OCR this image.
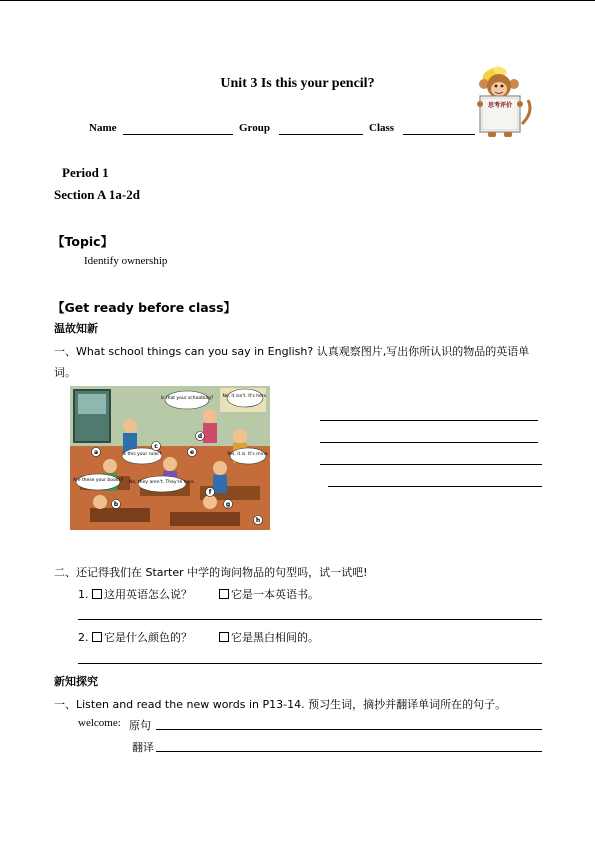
Unit 3 Is this your pencil?
Name	Group	Class
思考评价
Period 1
Section A 1a-2d
【Topic】
Identify ownership
【Get ready before class】
温故知新
一、What school things can you say in English? 认真观察图片,写出你所认识的物品的英语单
词。
Is that your schoolbag? No, it isn't. It's hers.
Is this your ruler?	Yes, it is. It's mine.
Are these your books? No, they aren't. They're hers.
a
b
c
d
e
f
g
h
二、还记得我们在 Starter 中学的询问物品的句型吗，试一试吧!
1. 这用英语怎么说？	它是一本英语书。
2. 它是什么颜色的？	它是黑白相间的。
新知探究
一、Listen and read the new words in P13-14. 预习生词，摘抄并翻译单词所在的句子。
welcome: 原句
翻译
